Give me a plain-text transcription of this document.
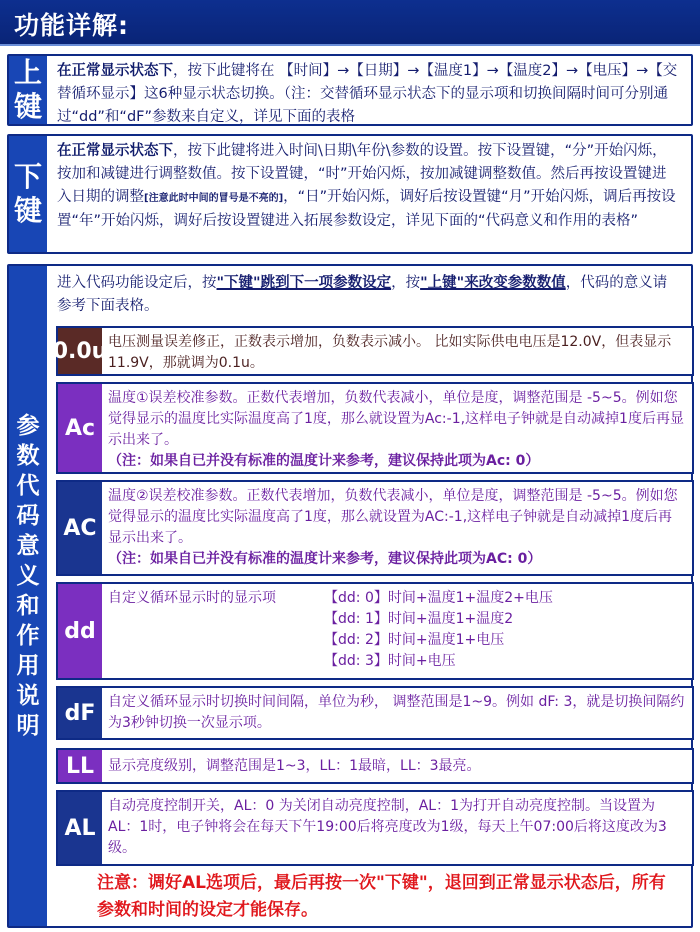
功能详解:
上
键
在正常显示状态下，按下此键将在 【时间】→【日期】→【温度1】→【温度2】→【电压】→【交替循环显示】这6种显示状态切换。（注：交替循环显示状态下的显示项和切换间隔时间可分别通过“dd”和“dF”参数来自定义，详见下面的表格
下
键
在正常显示状态下，按下此键将进入时间\日期\年份\参数的设置。按下设置键，“分”开始闪烁，按加和减键进行调整数值。按下设置键，“时”开始闪烁，按加减键调整数值。然后再按设置键进入日期的调整[注意此时中间的冒号是不亮的]，“日”开始闪烁，调好后按设置键“月”开始闪烁，调后再按设置“年”开始闪烁，调好后按设置键进入拓展参数设定，详见下面的“代码意义和作用的表格”
参
数
代
码
意
义
和
作
用
说
明
进入代码功能设定后，按"下键"跳到下一项参数设定，按"上键"来改变参数数值，代码的意义请参考下面表格。
0.0u 电压测量误差修正，正数表示增加，负数表示减小。 比如实际供电电压是12.0V，但表显示11.9V，那就调为0.1u。
Ac
温度①误差校准参数。正数代表增加，负数代表减小，单位是度，调整范围是 -5~5。例如您觉得显示的温度比实际温度高了1度，那么就设置为Ac:-1,这样电子钟就是自动减掉1度后再显示出来了。
（注：如果自已并没有标准的温度计来参考，建议保持此项为Ac: 0）
AC
温度②误差校准参数。正数代表增加，负数代表减小，单位是度，调整范围是 -5~5。例如您觉得显示的温度比实际温度高了1度，那么就设置为AC:-1,这样电子钟就是自动减掉1度后再显示出来了。
（注：如果自已并没有标准的温度计来参考，建议保持此项为AC: 0）
dd
自定义循环显示时的显示项	【dd: 0】时间+温度1+温度2+电压
【dd: 1】时间+温度1+温度2
【dd: 2】时间+温度1+电压
【dd: 3】时间+电压
dF 自定义循环显示时切换时间间隔，单位为秒， 调整范围是1~9。例如 dF: 3，就是切换间隔约为3秒钟切换一次显示项。
LL 显示亮度级别，调整范围是1~3，LL：1最暗，LL：3最亮。
AL
自动亮度控制开关，AL：0 为关闭自动亮度控制，AL：1为打开自动亮度控制。当设置为AL：1时，电子钟将会在每天下午19:00后将亮度改为1级，每天上午07:00后将这度改为3级。
注意：调好AL选项后，最后再按一次"下键"，退回到正常显示状态后，所有参数和时间的设定才能保存。
